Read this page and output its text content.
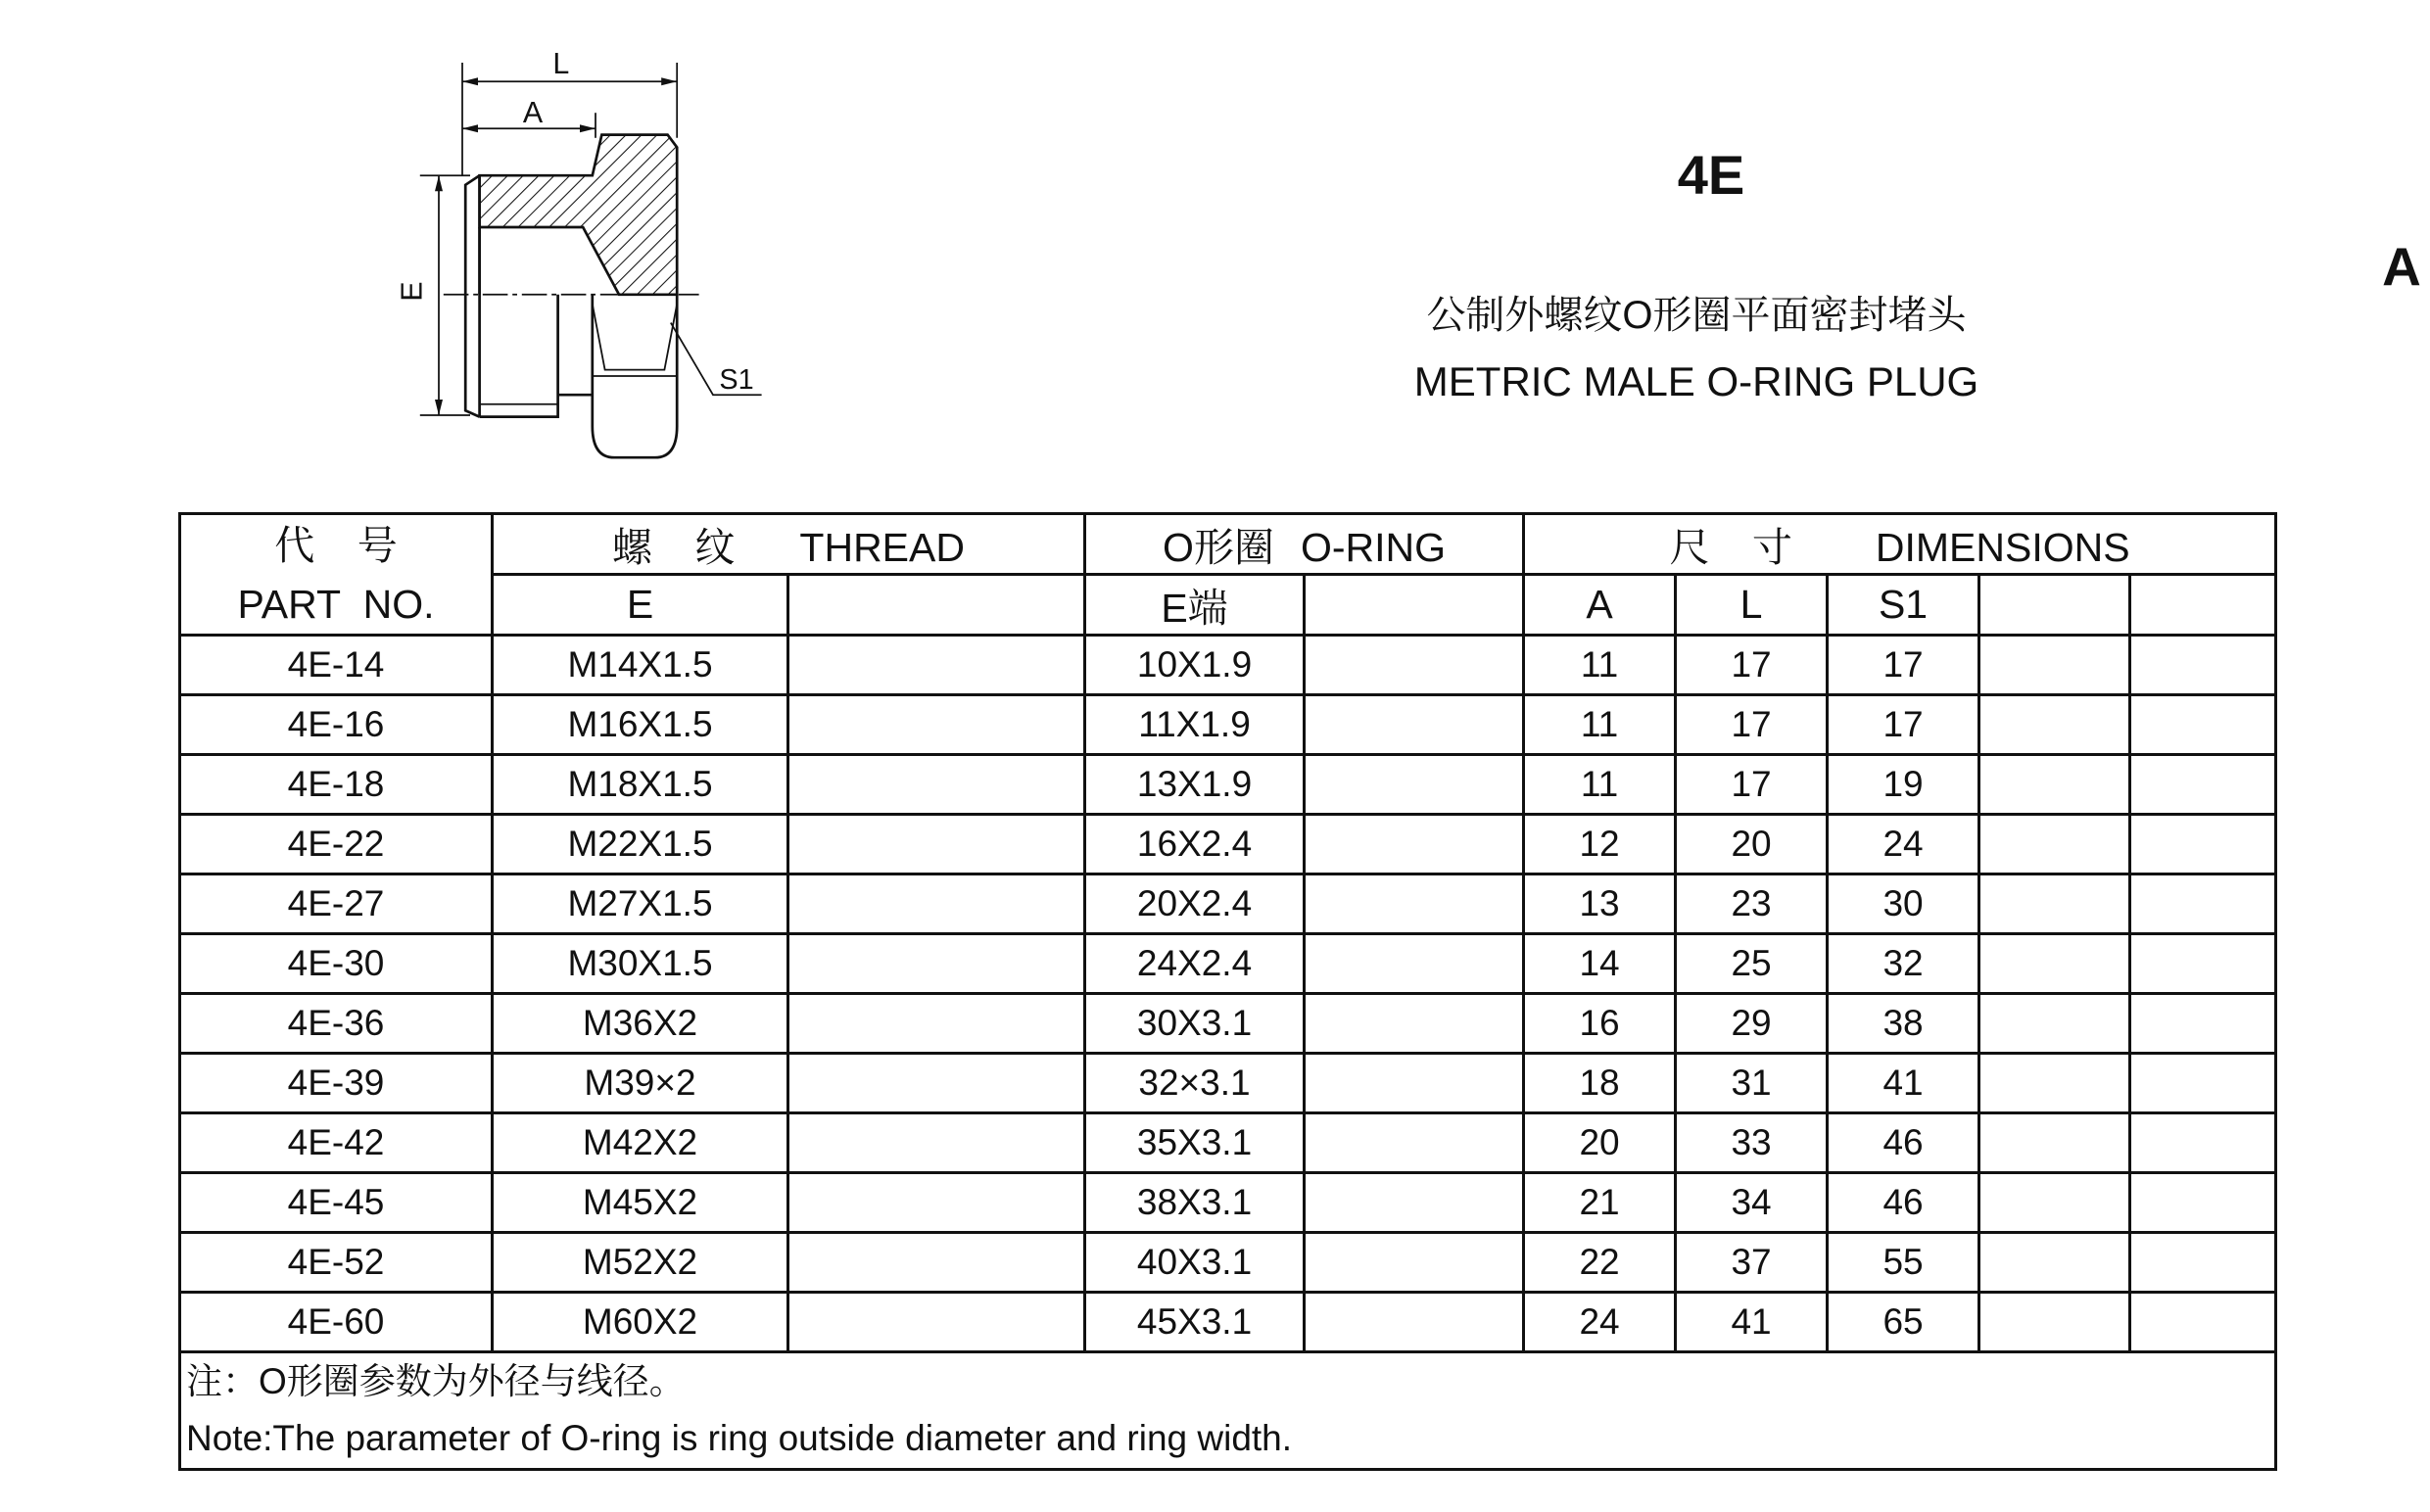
L
A
E
S1
4E
公制外螺纹O形圈平面密封堵头
METRIC MALE O-RING PLUG
A
代 号
PART NO.	螺 纹 THREAD		O形圈 O-RING		尺 寸 DIMENSIONS				
	E		E端		A	L	S1		
4E-14	M14X1.5		10X1.9		11	17	17		
4E-16	M16X1.5		11X1.9		11	17	17		
4E-18	M18X1.5		13X1.9		11	17	19		
4E-22	M22X1.5		16X2.4		12	20	24		
4E-27	M27X1.5		20X2.4		13	23	30		
4E-30	M30X1.5		24X2.4		14	25	32		
4E-36	M36X2		30X3.1		16	29	38		
4E-39	M39×2		32×3.1		18	31	41		
4E-42	M42X2		35X3.1		20	33	46		
4E-45	M45X2		38X3.1		21	34	46		
4E-52	M52X2		40X3.1		22	37	55		
4E-60	M60X2		45X3.1		24	41	65		

注：O形圈参数为外径与线径。
Note:The parameter of O-ring is ring outside diameter and ring width.									
